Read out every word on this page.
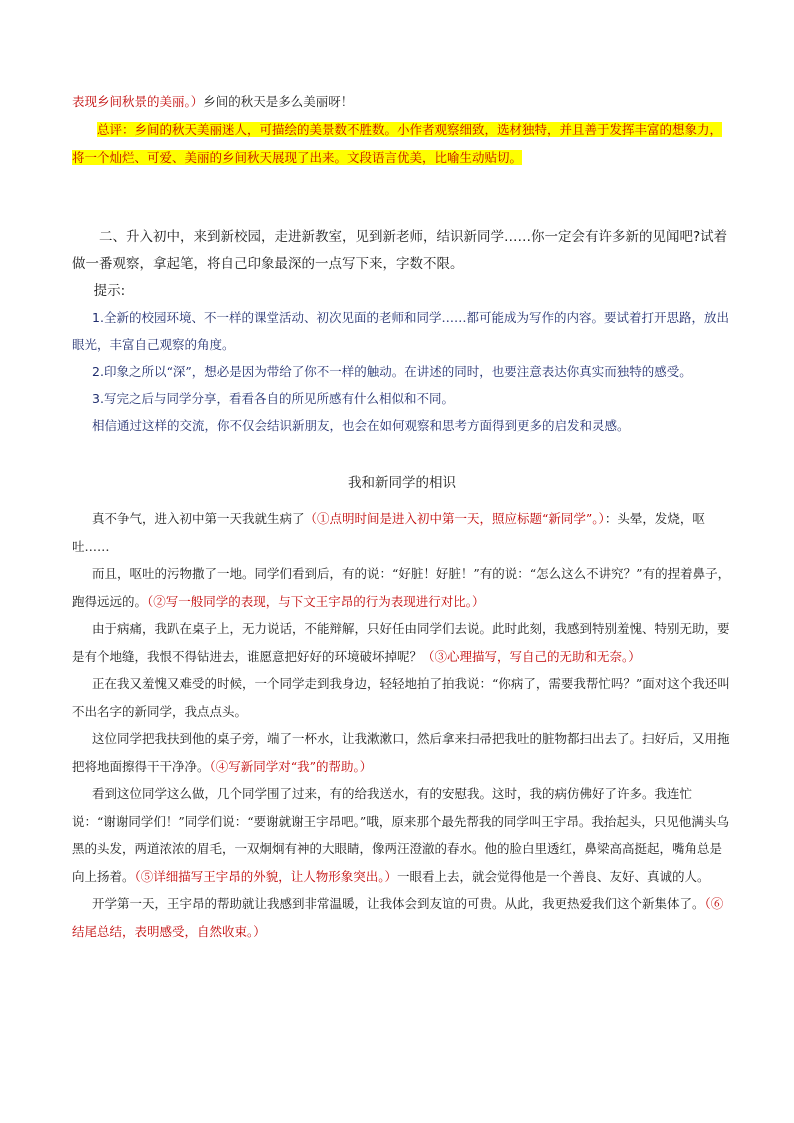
表现乡间秋景的美丽。）乡间的秋天是多么美丽呀！

总评：乡间的秋天美丽迷人，可描绘的美景数不胜数。小作者观察细致，选材独特，并且善于发挥丰富的想象力，将一个灿烂、可爱、美丽的乡间秋天展现了出来。文段语言优美，比喻生动贴切。

二、升入初中，来到新校园，走进新教室，见到新老师，结识新同学……你一定会有许多新的见闻吧?试着做一番观察，拿起笔，将自己印象最深的一点写下来，字数不限。

提示:

1.全新的校园环境、不一样的课堂活动、初次见面的老师和同学……都可能成为写作的内容。要试着打开思路，放出眼光，丰富自己观察的角度。

2.印象之所以“深”，想必是因为带给了你不一样的触动。在讲述的同时，也要注意表达你真实而独特的感受。

3.写完之后与同学分享，看看各自的所见所感有什么相似和不同。

相信通过这样的交流，你不仅会结识新朋友，也会在如何观察和思考方面得到更多的启发和灵感。

我和新同学的相识

真不争气，进入初中第一天我就生病了（①点明时间是进入初中第一天，照应标题“新同学”。）：头晕，发烧，呕吐……

而且，呕吐的污物撒了一地。同学们看到后，有的说：“好脏！好脏！”有的说：“怎么这么不讲究？”有的捏着鼻子，跑得远远的。（②写一般同学的表现，与下文王宇昂的行为表现进行对比。）

由于病痛，我趴在桌子上，无力说话，不能辩解，只好任由同学们去说。此时此刻，我感到特别羞愧、特别无助，要是有个地缝，我恨不得钻进去，谁愿意把好好的环境破坏掉呢？（③心理描写，写自己的无助和无奈。）

正在我又羞愧又难受的时候，一个同学走到我身边，轻轻地拍了拍我说：“你病了，需要我帮忙吗？”面对这个我还叫不出名字的新同学，我点点头。

这位同学把我扶到他的桌子旁，端了一杯水，让我漱漱口，然后拿来扫帚把我吐的脏物都扫出去了。扫好后，又用拖把将地面擦得干干净净。（④写新同学对“我”的帮助。）

看到这位同学这么做，几个同学围了过来，有的给我送水，有的安慰我。这时，我的病仿佛好了许多。我连忙说：“谢谢同学们！”同学们说：“要谢就谢王宇昂吧。”哦，原来那个最先帮我的同学叫王宇昂。我抬起头，只见他满头乌黑的头发，两道浓浓的眉毛，一双炯炯有神的大眼睛，像两汪澄澈的春水。他的脸白里透红，鼻梁高高挺起，嘴角总是向上扬着。（⑤详细描写王宇昂的外貌，让人物形象突出。）一眼看上去，就会觉得他是一个善良、友好、真诚的人。

开学第一天，王宇昂的帮助就让我感到非常温暖，让我体会到友谊的可贵。从此，我更热爱我们这个新集体了。（⑥结尾总结，表明感受，自然收束。）
